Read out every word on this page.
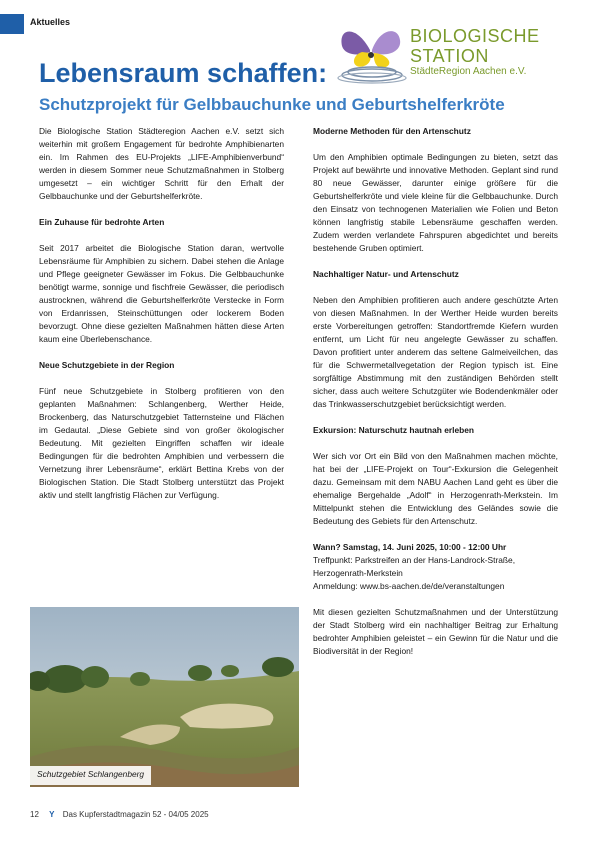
Aktuelles
BIOLOGISCHE
STATION
StädteRegion Aachen e.V.
Lebensraum schaffen:
Schutzprojekt für Gelbbauchunke und Geburtshelferkröte

Die Biologische Station Städteregion Aachen e.V. setzt sich weiterhin mit großem Engagement für bedrohte Amphibienarten ein. Im Rahmen des EU-Projekts „LIFE-Amphibienverbund“ werden in diesem Sommer neue Schutzmaßnahmen in Stolberg umgesetzt – ein wichtiger Schritt für den Erhalt der Gelbbauchunke und der Geburtshelferkröte.

Ein Zuhause für bedrohte Arten

Seit 2017 arbeitet die Biologische Station daran, wertvolle Lebensräume für Amphibien zu sichern. Dabei stehen die Anlage und Pflege geeigneter Gewässer im Fokus. Die Gelbbauchunke benötigt warme, sonnige und fischfreie Gewässer, die periodisch austrocknen, während die Geburtshelferkröte Verstecke in Form von Erdanrissen, Steinschüttungen oder lockerem Boden bevorzugt. Ohne diese gezielten Maßnahmen hätten diese Arten kaum eine Überlebenschance.

Neue Schutzgebiete in der Region

Fünf neue Schutzgebiete in Stolberg profitieren von den geplanten Maßnahmen: Schlangenberg, Werther Heide, Brockenberg, das Naturschutzgebiet Tatternsteine und Flächen im Gedautal. „Diese Gebiete sind von großer ökologischer Bedeutung. Mit gezielten Eingriffen schaffen wir ideale Bedingungen für die bedrohten Amphibien und verbessern die Vernetzung ihrer Lebensräume“, erklärt Bettina Krebs von der Biologischen Station. Die Stadt Stolberg unterstützt das Projekt aktiv und stellt langfristig Flächen zur Verfügung.

Moderne Methoden für den Artenschutz

Um den Amphibien optimale Bedingungen zu bieten, setzt das Projekt auf bewährte und innovative Methoden. Geplant sind rund 80 neue Gewässer, darunter einige größere für die Geburtshelferkröte und viele kleine für die Gelbbauchunke. Durch den Einsatz von technogenen Materialien wie Folien und Beton können langfristig stabile Lebensräume geschaffen werden. Zudem werden verlandete Fahrspuren abgedichtet und bereits bestehende Gruben optimiert.

Nachhaltiger Natur- und Artenschutz

Neben den Amphibien profitieren auch andere geschützte Arten von diesen Maßnahmen. In der Werther Heide wurden bereits erste Vorbereitungen getroffen: Standortfremde Kiefern wurden entfernt, um Licht für neu angelegte Gewässer zu schaffen. Davon profitiert unter anderem das seltene Galmeiveilchen, das für die Schwermetallvegetation der Region typisch ist. Eine sorgfältige Abstimmung mit den zuständigen Behörden stellt sicher, dass auch weitere Schutzgüter wie Bodendenkmäler oder das Trinkwasserschutzgebiet berücksichtigt werden.

Exkursion: Naturschutz hautnah erleben

Wer sich vor Ort ein Bild von den Maßnahmen machen möchte, hat bei der „LIFE-Projekt on Tour“-Exkursion die Gelegenheit dazu. Gemeinsam mit dem NABU Aachen Land geht es über die ehemalige Bergehalde „Adolf“ in Herzogenrath-Merkstein. Im Mittelpunkt stehen die Entwicklung des Geländes sowie die Bedeutung des Gebiets für den Artenschutz.

Wann? Samstag, 14. Juni 2025, 10:00 - 12:00 Uhr

Treffpunkt: Parkstreifen an der Hans-Landrock-Straße, Herzogenrath-Merkstein

Anmeldung: www.bs-aachen.de/de/veranstaltungen

Mit diesen gezielten Schutzmaßnahmen und der Unterstützung der Stadt Stolberg wird ein nachhaltiger Beitrag zur Erhaltung bedrohter Amphibien geleistet – ein Gewinn für die Natur und die Biodiversität in der Region!

Schutzgebiet Schlangenberg
12 Y Das Kupferstadtmagazin 52 - 04/05 2025
